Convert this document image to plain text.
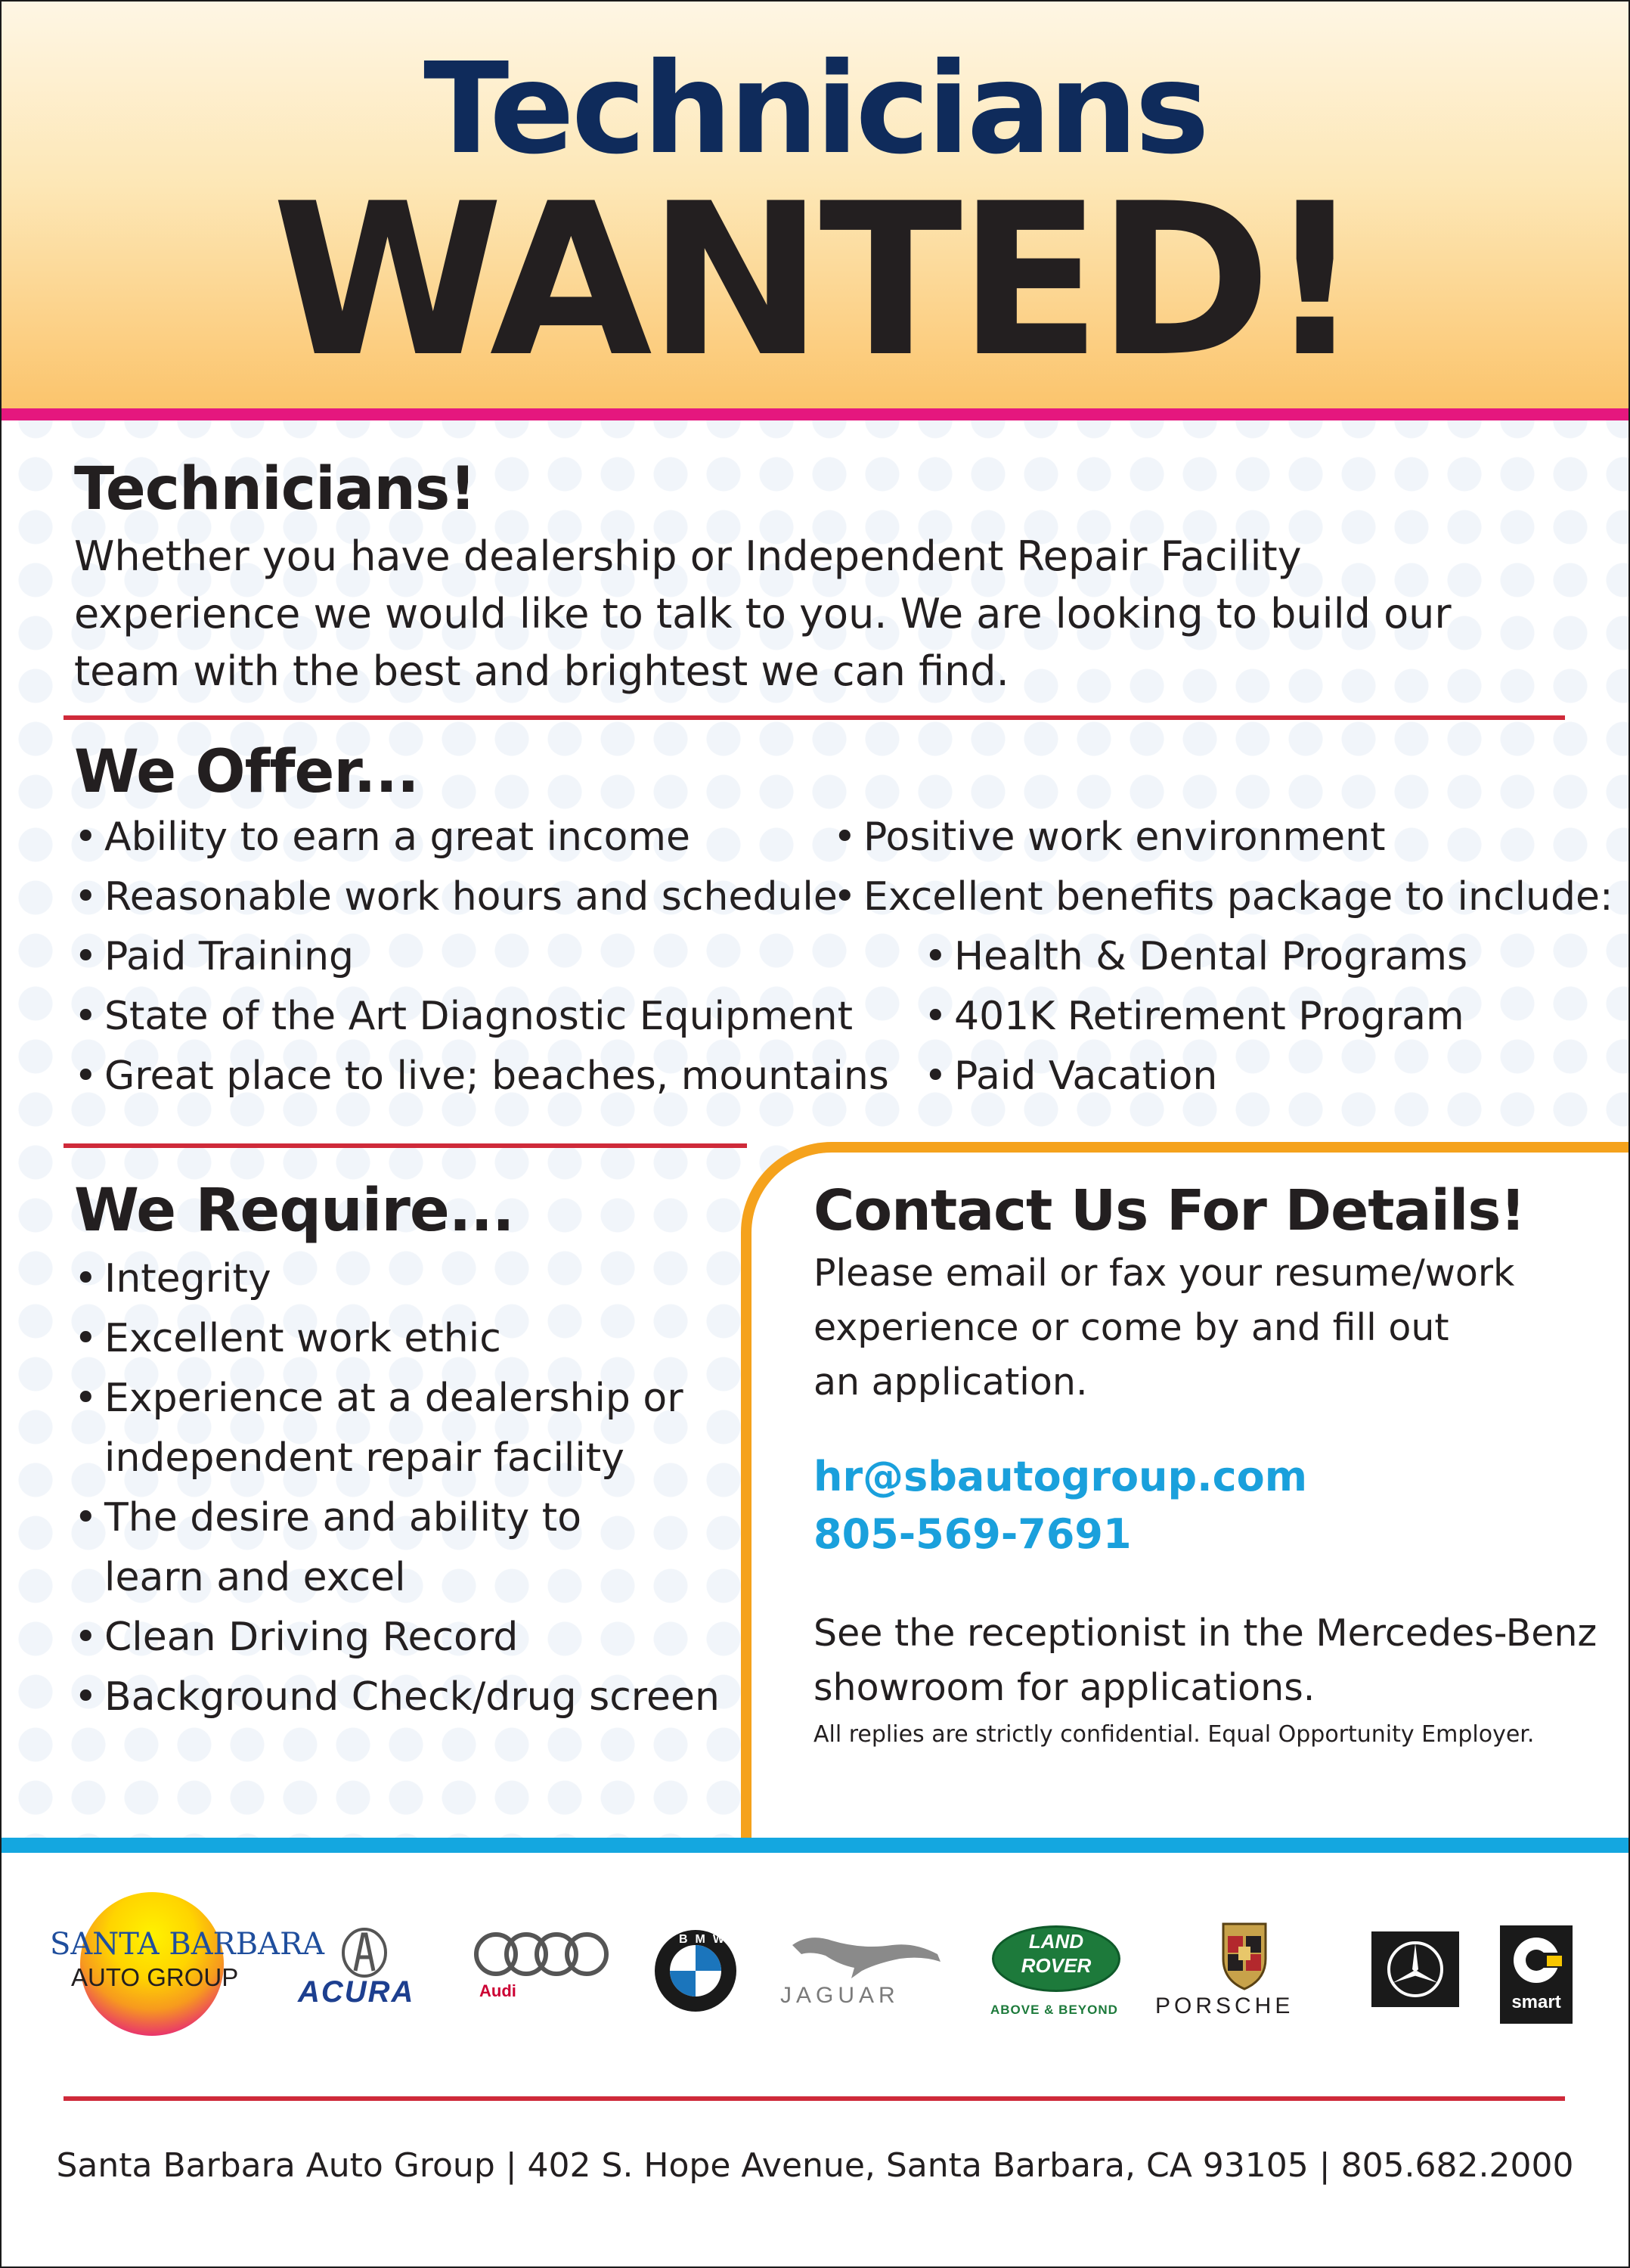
Technicians
WANTED!
Technicians!
Whether you have dealership or Independent Repair Facility
experience we would like to talk to you. We are looking to build our
team with the best and brightest we can find.
We Offer...
• Ability to earn a great income
• Reasonable work hours and schedule
• Paid Training
• State of the Art Diagnostic Equipment
• Great place to live; beaches, mountains
• Positive work environment
• Excellent benefits package to include:
• Health & Dental Programs
• 401K Retirement Program
• Paid Vacation
We Require...
• Integrity
• Excellent work ethic
• Experience at a dealership or
independent repair facility
• The desire and ability to
learn and excel
• Clean Driving Record
• Background Check/drug screen
Contact Us For Details!
Please email or fax your resume/work
experience or come by and fill out
an application.
hr@sbautogroup.com
805-569-7691
See the receptionist in the Mercedes-Benz
showroom for applications.
All replies are strictly confidential. Equal Opportunity Employer.
SANTA BARBARA
AUTO GROUP ACURA	Audi
BMW
JAGUAR
LAND
ROVER
ABOVE & BEYOND PORSCHE	smart
Santa Barbara Auto Group | 402 S. Hope Avenue, Santa Barbara, CA 93105 | 805.682.2000
